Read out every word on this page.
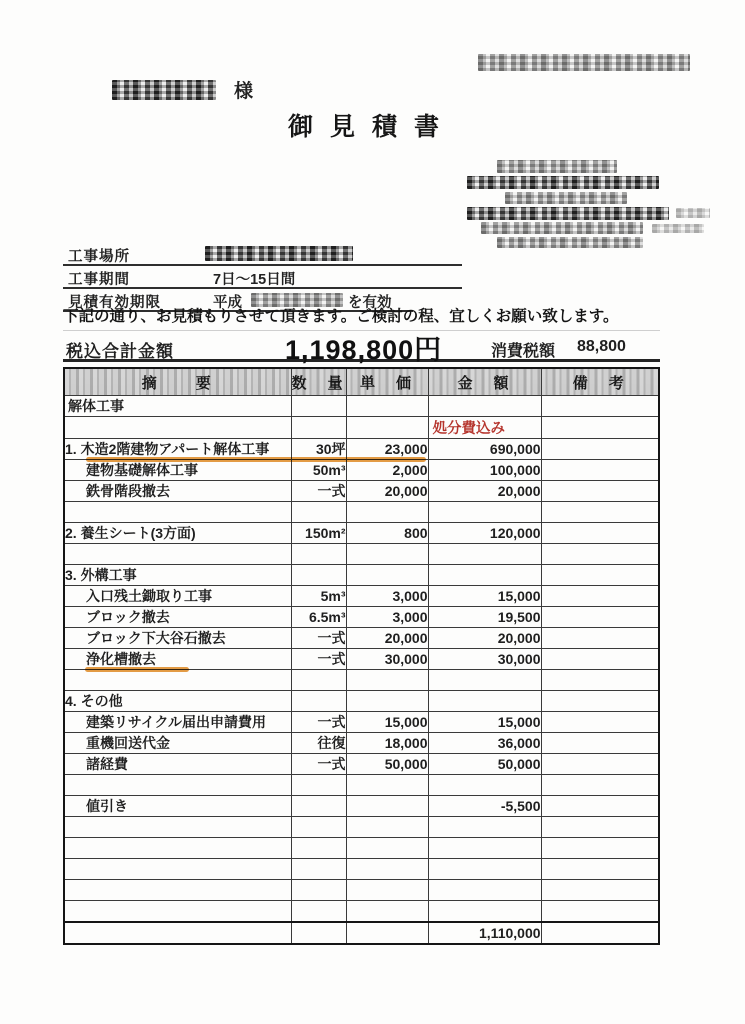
様
御見積書
工事場所
工事期間	7日～15日間
見積有効期限	平成	を有効
下記の通り、お見積もりさせて頂きます。ご検討の程、宜しくお願い致します。
税込合計金額	1,198,800円	消費税額 88,800
摘　　要	数　量	単　価	金　額	備　考
解体工事				
			処分費込み	
1. 木造2階建物アパート解体工事	30坪	23,000	690,000	
建物基礎解体工事	50m³	2,000	100,000	
鉄骨階段撤去	一式	20,000	20,000	

2. 養生シート(3方面)	150m²	800	120,000	

3. 外構工事				
入口残土鋤取り工事	5m³	3,000	15,000	
ブロック撤去	6.5m³	3,000	19,500	
ブロック下大谷石撤去	一式	20,000	20,000	
浄化槽撤去	一式	30,000	30,000	

4. その他				
建築リサイクル届出申請費用	一式	15,000	15,000	
重機回送代金	往復	18,000	36,000	
諸経費	一式	50,000	50,000	

値引き			-5,500	

			1,110,000	
